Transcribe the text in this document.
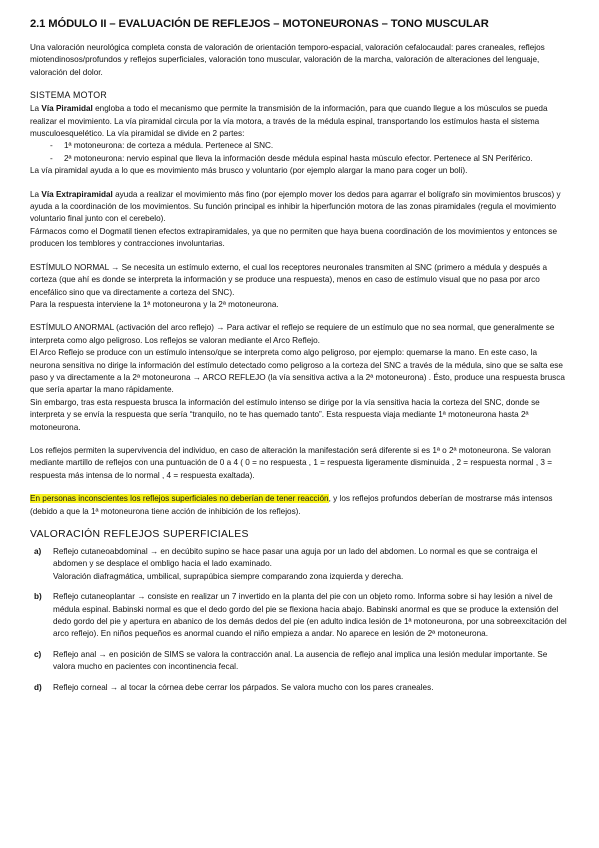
2.1 MÓDULO II – EVALUACIÓN DE REFLEJOS – MOTONEURONAS – TONO MUSCULAR

Una valoración neurológica completa consta de valoración de orientación temporo-espacial, valoración cefalocaudal: pares craneales, reflejos miotendinosos/profundos y reflejos superficiales, valoración tono muscular, valoración de la marcha, valoración de alteraciones del lenguaje, valoración del dolor.

SISTEMA MOTOR

La Vía Piramidal engloba a todo el mecanismo que permite la transmisión de la información, para que cuando llegue a los músculos se pueda realizar el movimiento. La vía piramidal circula por la vía motora, a través de la médula espinal, transportando los estímulos hasta el sistema musculoesquelético. La vía piramidal se divide en 2 partes:

- 1ª motoneurona: de corteza a médula. Pertenece al SNC.
- 2ª motoneurona: nervio espinal que lleva la información desde médula espinal hasta músculo efector. Pertenece al SN Periférico.

La vía piramidal ayuda a lo que es movimiento más brusco y voluntario (por ejemplo alargar la mano para coger un boli).

La Vía Extrapiramidal ayuda a realizar el movimiento más fino (por ejemplo mover los dedos para agarrar el bolígrafo sin movimientos bruscos) y ayuda a la coordinación de los movimientos. Su función principal es inhibir la hiperfunción motora de las zonas piramidales (regula el movimiento voluntario final junto con el cerebelo).

Fármacos como el Dogmatil tienen efectos extrapiramidales, ya que no permiten que haya buena coordinación de los movimientos y entonces se producen los temblores y contracciones involuntarias.

ESTÍMULO NORMAL → Se necesita un estímulo externo, el cual los receptores neuronales transmiten al SNC (primero a médula y después a corteza (que ahí es donde se interpreta la información y se produce una respuesta), menos en caso de estímulo visual que no pasa por arco encefálico sino que va directamente a corteza del SNC).

Para la respuesta interviene la 1ª motoneurona y la 2ª motoneurona.

ESTÍMULO ANORMAL (activación del arco reflejo) → Para activar el reflejo se requiere de un estímulo que no sea normal, que generalmente se interpreta como algo peligroso. Los reflejos se valoran mediante el Arco Reflejo.

El Arco Reflejo se produce con un estímulo intenso/que se interpreta como algo peligroso, por ejemplo: quemarse la mano. En este caso, la neurona sensitiva no dirige la información del estímulo detectado como peligroso a la corteza del SNC a través de la médula, sino que se salta ese paso y va directamente a la 2ª motoneurona → ARCO REFLEJO (la vía sensitiva activa a la 2ª motoneurona) . Ésto, produce una respuesta brusca que sería apartar la mano rápidamente.

Sin embargo, tras esta respuesta brusca la información del estímulo intenso se dirige por la vía sensitiva hacia la corteza del SNC, donde se interpreta y se envía la respuesta que sería “tranquilo, no te has quemado tanto”. Esta respuesta viaja mediante 1ª motoneurona hasta 2ª motoneurona.

Los reflejos permiten la supervivencia del individuo, en caso de alteración la manifestación será diferente si es 1ª o 2ª motoneurona. Se valoran mediante martillo de reflejos con una puntuación de 0 a 4 ( 0 = no respuesta , 1 = respuesta ligeramente disminuida , 2 = respuesta normal , 3 = respuesta más intensa de lo normal , 4 = respuesta exaltada).

En personas inconscientes los reflejos superficiales no deberían de tener reacción, y los reflejos profundos deberían de mostrarse más intensos (debido a que la 1ª motoneurona tiene acción de inhibición de los reflejos).

VALORACIÓN REFLEJOS SUPERFICIALES
a) Reflejo cutaneoabdominal → en decúbito supino se hace pasar una aguja por un lado del abdomen. Lo normal es que se contraiga el abdomen y se desplace el ombligo hacia el lado examinado.
Valoración diafragmática, umbilical, suprapúbica siempre comparando zona izquierda y derecha.
b) Reflejo cutaneoplantar → consiste en realizar un 7 invertido en la planta del pie con un objeto romo. Informa sobre si hay lesión a nivel de médula espinal. Babinski normal es que el dedo gordo del pie se flexiona hacia abajo. Babinski anormal es que se produce la extensión del dedo gordo del pie y apertura en abanico de los demás dedos del pie (en adulto indica lesión de 1ª motoneurona, por una sobreexcitación del arco reflejo). En niños pequeños es anormal cuando el niño empieza a andar. No aparece en lesión de 2ª motoneurona.
c) Reflejo anal → en posición de SIMS se valora la contracción anal. La ausencia de reflejo anal implica una lesión medular importante. Se valora mucho en pacientes con incontinencia fecal.
d) Reflejo corneal → al tocar la córnea debe cerrar los párpados. Se valora mucho con los pares craneales.
